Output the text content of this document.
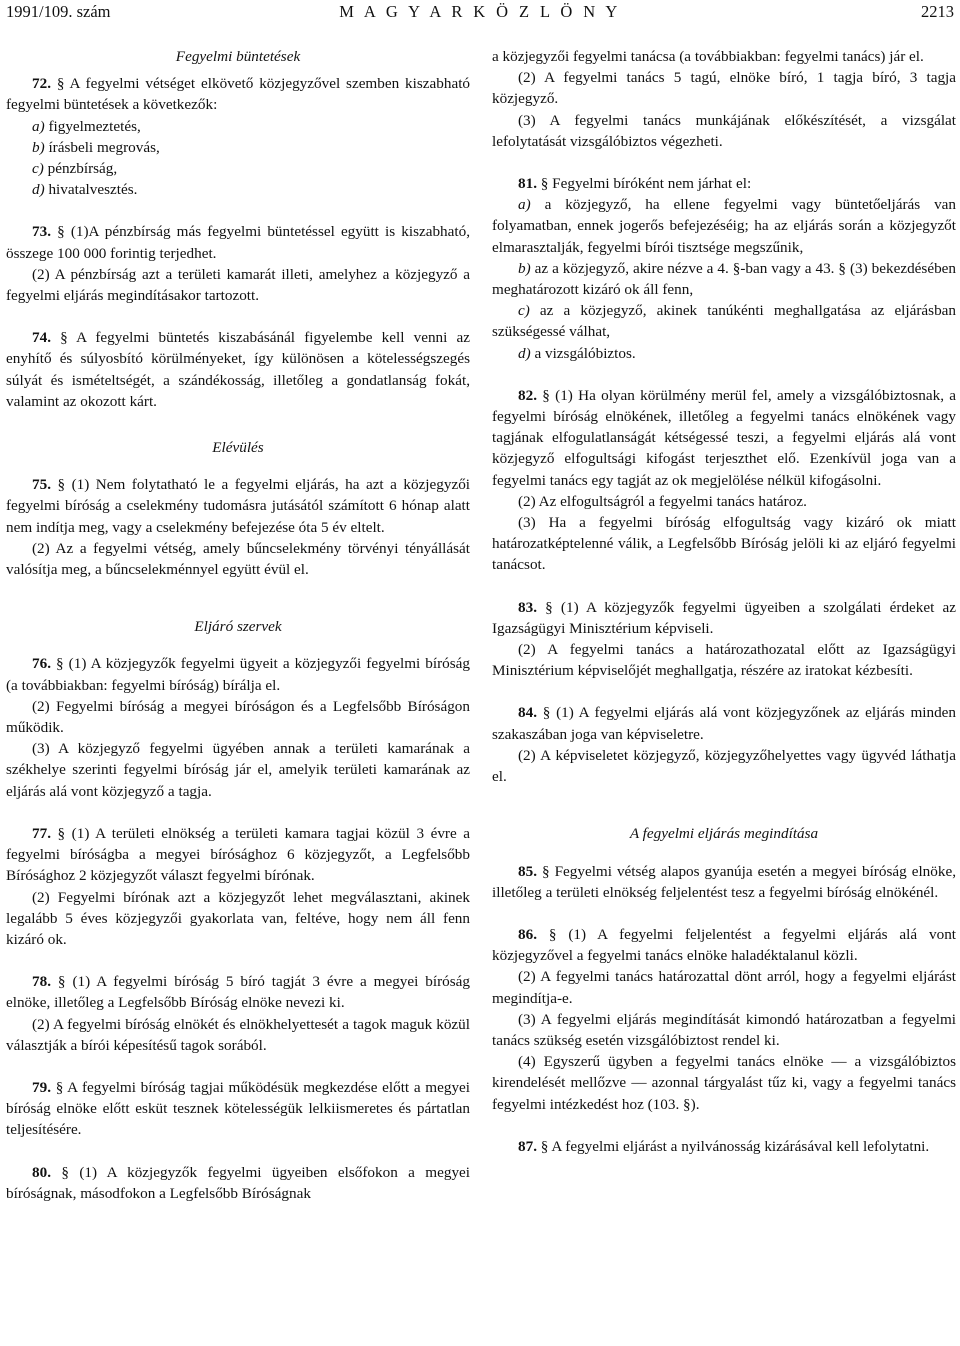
1991/109. szám	M A G Y A R K Ö Z L Ö N Y	2213
Fegyelmi büntetések

72. § A fegyelmi vétséget elkövető közjegyzővel szemben kiszabható fegyelmi büntetések a következők:

a) figyelmeztetés,

b) írásbeli megrovás,

c) pénzbírság,

d) hivatalvesztés.

73. § (1)A pénzbírság más fegyelmi büntetéssel együtt is kiszabható, összege 100 000 forintig terjedhet.

(2) A pénzbírság azt a területi kamarát illeti, amelyhez a közjegyző a fegyelmi eljárás megindításakor tartozott.

74. § A fegyelmi büntetés kiszabásánál figyelembe kell venni az enyhítő és súlyosbító körülményeket, így különösen a kötelességszegés súlyát és ismételtségét, a szándékosság, illetőleg a gondatlanság fokát, valamint az okozott kárt.

Elévülés

75. § (1) Nem folytatható le a fegyelmi eljárás, ha azt a közjegyzői fegyelmi bíróság a cselekmény tudomásra jutásától számított 6 hónap alatt nem indítja meg, vagy a cselekmény befejezése óta 5 év eltelt.

(2) Az a fegyelmi vétség, amely bűncselekmény törvényi tényállását valósítja meg, a bűncselekménnyel együtt évül el.

Eljáró szervek

76. § (1) A közjegyzők fegyelmi ügyeit a közjegyzői fegyelmi bíróság (a továbbiakban: fegyelmi bíróság) bírálja el.

(2) Fegyelmi bíróság a megyei bíróságon és a Legfelsőbb Bíróságon működik.

(3) A közjegyző fegyelmi ügyében annak a területi kamarának a székhelye szerinti fegyelmi bíróság jár el, amelyik területi kamarának az eljárás alá vont közjegyző a tagja.

77. § (1) A területi elnökség a területi kamara tagjai közül 3 évre a fegyelmi bíróságba a megyei bírósághoz 6 közjegyzőt, a Legfelsőbb Bírósághoz 2 közjegyzőt választ fegyelmi bírónak.

(2) Fegyelmi bírónak azt a közjegyzőt lehet megválasztani, akinek legalább 5 éves közjegyzői gyakorlata van, feltéve, hogy nem áll fenn kizáró ok.

78. § (1) A fegyelmi bíróság 5 bíró tagját 3 évre a megyei bíróság elnöke, illetőleg a Legfelsőbb Bíróság elnöke nevezi ki.

(2) A fegyelmi bíróság elnökét és elnökhelyettesét a tagok maguk közül választják a bírói képesítésű tagok sorából.

79. § A fegyelmi bíróság tagjai működésük megkezdése előtt a megyei bíróság elnöke előtt esküt tesznek kötelességük lelkiismeretes és pártatlan teljesítésére.

80. § (1) A közjegyzők fegyelmi ügyeiben elsőfokon a megyei bíróságnak, másodfokon a Legfelsőbb Bíróságnak

a közjegyzői fegyelmi tanácsa (a továbbiakban: fegyelmi tanács) jár el.

(2) A fegyelmi tanács 5 tagú, elnöke bíró, 1 tagja bíró, 3 tagja közjegyző.

(3) A fegyelmi tanács munkájának előkészítését, a vizsgálat lefolytatását vizsgálóbiztos végezheti.

81. § Fegyelmi bíróként nem járhat el:

a) a közjegyző, ha ellene fegyelmi vagy büntetőeljárás van folyamatban, ennek jogerős befejezéséig; ha az eljárás során a közjegyzőt elmarasztalják, fegyelmi bírói tisztsége megszűnik,

b) az a közjegyző, akire nézve a 4. §-ban vagy a 43. § (3) bekezdésében meghatározott kizáró ok áll fenn,

c) az a közjegyző, akinek tanúkénti meghallgatása az eljárásban szükségessé válhat,

d) a vizsgálóbiztos.

82. § (1) Ha olyan körülmény merül fel, amely a vizsgálóbiztosnak, a fegyelmi bíróság elnökének, illetőleg a fegyelmi tanács elnökének vagy tagjának elfogulatlanságát kétségessé teszi, a fegyelmi eljárás alá vont közjegyző elfogultsági kifogást terjeszthet elő. Ezenkívül joga van a fegyelmi tanács egy tagját az ok megjelölése nélkül kifogásolni.

(2) Az elfogultságról a fegyelmi tanács határoz.

(3) Ha a fegyelmi bíróság elfogultság vagy kizáró ok miatt határozatképtelenné válik, a Legfelsőbb Bíróság jelöli ki az eljáró fegyelmi tanácsot.

83. § (1) A közjegyzők fegyelmi ügyeiben a szolgálati érdeket az Igazságügyi Minisztérium képviseli.

(2) A fegyelmi tanács a határozathozatal előtt az Igazságügyi Minisztérium képviselőjét meghallgatja, részére az iratokat kézbesíti.

84. § (1) A fegyelmi eljárás alá vont közjegyzőnek az eljárás minden szakaszában joga van képviseletre.

(2) A képviseletet közjegyző, közjegyzőhelyettes vagy ügyvéd láthatja el.

A fegyelmi eljárás megindítása

85. § Fegyelmi vétség alapos gyanúja esetén a megyei bíróság elnöke, illetőleg a területi elnökség feljelentést tesz a fegyelmi bíróság elnökénél.

86. § (1) A fegyelmi feljelentést a fegyelmi eljárás alá vont közjegyzővel a fegyelmi tanács elnöke haladéktalanul közli.

(2) A fegyelmi tanács határozattal dönt arról, hogy a fegyelmi eljárást megindítja-e.

(3) A fegyelmi eljárás megindítását kimondó határozatban a fegyelmi tanács szükség esetén vizsgálóbiztost rendel ki.

(4) Egyszerű ügyben a fegyelmi tanács elnöke — a vizsgálóbiztos kirendelését mellőzve — azonnal tárgyalást tűz ki, vagy a fegyelmi tanács fegyelmi intézkedést hoz (103. §).

87. § A fegyelmi eljárást a nyilvánosság kizárásával kell lefolytatni.
